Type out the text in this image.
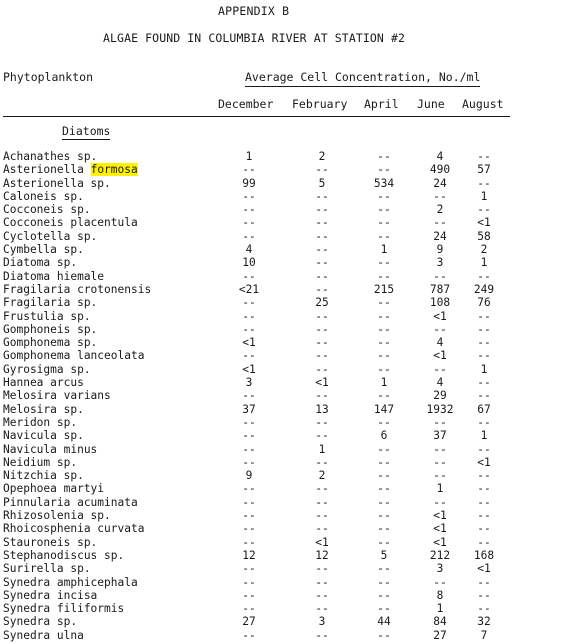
APPENDIX B
ALGAE FOUND IN COLUMBIA RIVER AT STATION #2
Phytoplankton	Average Cell Concentration, No./ml
December February April June August
Diatoms
Achanathes sp.	1	2	--	4	--
Asterionella formosa	--	--	--	490	57
Asterionella sp.	99	5	534	24	--
Caloneis sp.	--	--	--	--	1
Cocconeis sp.	--	--	--	2	--
Cocconeis placentula	--	--	--	--	<1
Cyclotella sp.	--	--	--	24	58
Cymbella sp.	4	--	1	9	2
Diatoma sp.	10	--	--	3	1
Diatoma hiemale	--	--	--	--	--
Fragilaria crotonensis	<21	--	215	787	249
Fragilaria sp.	--	25	--	108	76
Frustulia sp.	--	--	--	<1	--
Gomphoneis sp.	--	--	--	--	--
Gomphonema sp.	<1	--	--	4	--
Gomphonema lanceolata	--	--	--	<1	--
Gyrosigma sp.	<1	--	--	--	1
Hannea arcus	3	<1	1	4	--
Melosira varians	--	--	--	29	--
Melosira sp.	37	13	147	1932	67
Meridon sp.	--	--	--	--	--
Navicula sp.	--	--	6	37	1
Navicula minus	--	1	--	--	--
Neidium sp.	--	--	--	--	<1
Nitzchia sp.	9	2	--	--	--
Opephoea martyi	--	--	--	1	--
Pinnularia acuminata	--	--	--	--	--
Rhizosolenia sp.	--	--	--	<1	--
Rhoicosphenia curvata	--	--	--	<1	--
Stauroneis sp.	--	<1	--	<1	--
Stephanodiscus sp.	12	12	5	212	168
Surirella sp.	--	--	--	3	<1
Synedra amphicephala	--	--	--	--	--
Synedra incisa	--	--	--	8	--
Synedra filiformis	--	--	--	1	--
Synedra sp.	27	3	44	84	32
Synedra ulna	--	--	--	27	7
